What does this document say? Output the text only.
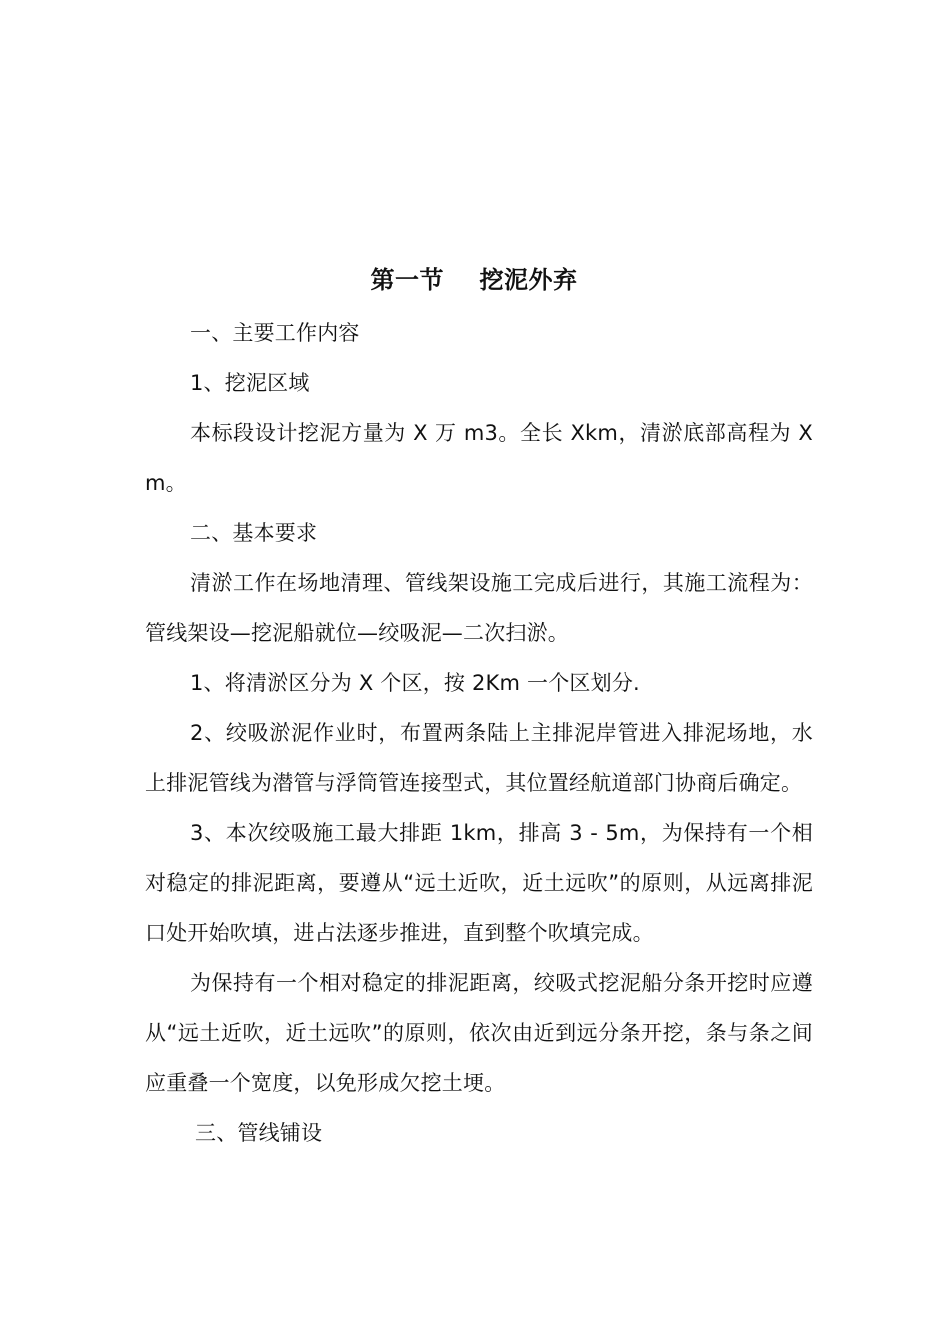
第一节    挖泥外弃

一、主要工作内容

1、挖泥区域

本标段设计挖泥方量为 X 万 m3。全长 Xkm，清淤底部高程为 X m。

二、基本要求

清淤工作在场地清理、管线架设施工完成后进行，其施工流程为：管线架设—挖泥船就位—绞吸泥—二次扫淤。

1、将清淤区分为 X 个区，按 2Km 一个区划分.

2、绞吸淤泥作业时，布置两条陆上主排泥岸管进入排泥场地，水上排泥管线为潜管与浮筒管连接型式，其位置经航道部门协商后确定。

3、本次绞吸施工最大排距 1km，排高 3 - 5m，为保持有一个相对稳定的排泥距离，要遵从“远土近吹，近土远吹”的原则，从远离排泥口处开始吹填，进占法逐步推进，直到整个吹填完成。

为保持有一个相对稳定的排泥距离，绞吸式挖泥船分条开挖时应遵从“远土近吹，近土远吹”的原则，依次由近到远分条开挖，条与条之间应重叠一个宽度，以免形成欠挖土埂。

三、管线铺设
